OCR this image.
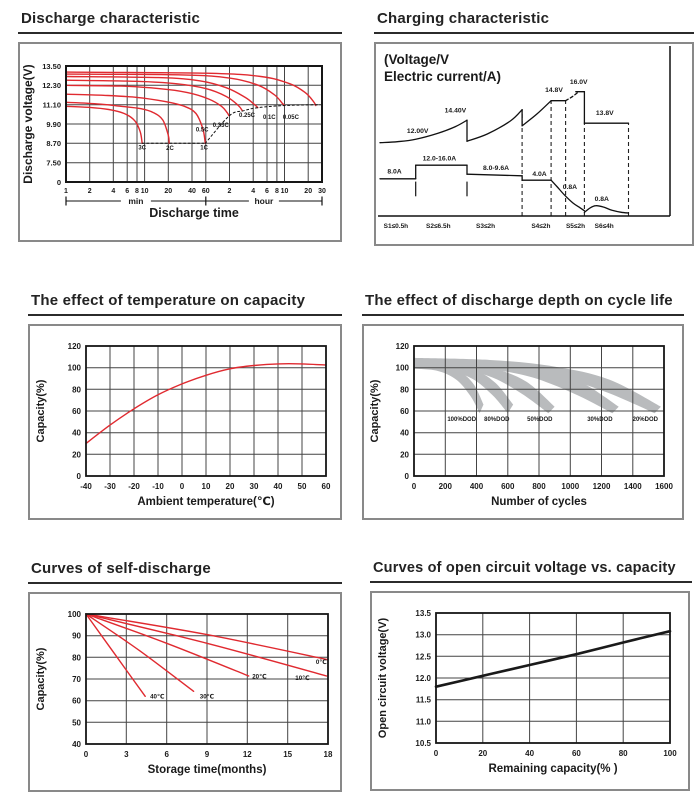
Discharge characteristic
0
7.50
8.70
9.90
11.10
12.30
13.50
1	2	4 6 8 10 20 40 60	2	4 6 8 10 20 30
3C	2C	1C
0.5C
0.33C
0.25C 0.1C 0.05C
min	hour
Discharge time
Discharge voltage(V)
Charging characteristic
(Voltage/V
Electric current/A)
12.00V
14.40V
14.8V
16.0V
13.8V
8.0A
12.0-16.0A
8.0-9.6A
4.0A
0.8A
0.8A
S1≤0.5h	S2≤6.5h	S3≤2h	S4≤2h S5≤2h S6≤4h
The effect of temperature on capacity
0
20
40
60
80
100
120
-40 -30 -20 -10 0 10 20 30 40 50 60
Ambient temperature(℃)
Capacity(%)
The effect of discharge depth on cycle life
0
20
40
60
80
100
120
0	200 400 600 800 1000 1200 1400 1600
100%DOD 80%DOD	50%DOD	30%DOD	20%DOD
Number of cycles
Capacity(%)
Curves of self-discharge
40
50
60
70
80
90
100
0	3	6	9	12	15	18
40℃	30℃
20℃	10℃
0℃
Storage time(months)
Capacity(%)
Curves of open circuit voltage vs. capacity
10.5
11.0
11.5
12.0
12.5
13.0
13.5
0	20	40	60	80	100
Remaining capacity(% )
Open circuit voltage(V)
